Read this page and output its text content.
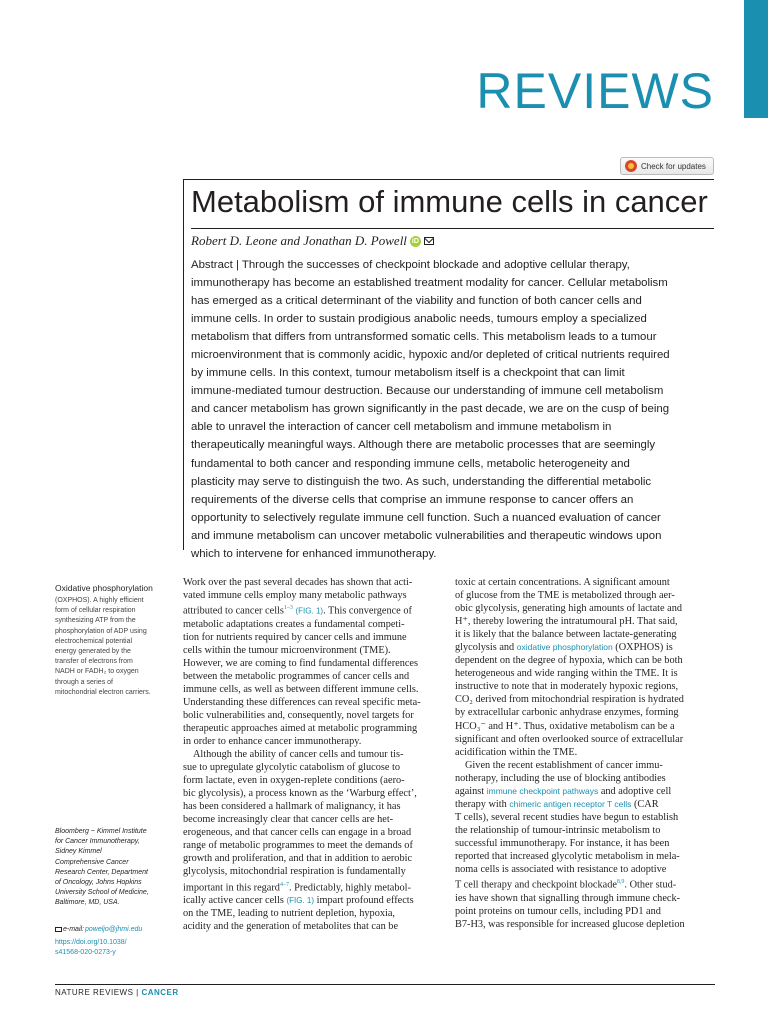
REVIEWS
Check for updates
Metabolism of immune cells in cancer
Robert D. Leone and Jonathan D. Powell iD
Abstract | Through the successes of checkpoint blockade and adoptive cellular therapy,
immunotherapy has become an established treatment modality for cancer. Cellular metabolism
has emerged as a critical determinant of the viability and function of both cancer cells and
immune cells. In order to sustain prodigious anabolic needs, tumours employ a specialized
metabolism that differs from untransformed somatic cells. This metabolism leads to a tumour
microenvironment that is commonly acidic, hypoxic and/or depleted of critical nutrients required
by immune cells. In this context, tumour metabolism itself is a checkpoint that can limit
immune-mediated tumour destruction. Because our understanding of immune cell metabolism
and cancer metabolism has grown significantly in the past decade, we are on the cusp of being
able to unravel the interaction of cancer cell metabolism and immune metabolism in
therapeutically meaningful ways. Although there are metabolic processes that are seemingly
fundamental to both cancer and responding immune cells, metabolic heterogeneity and
plasticity may serve to distinguish the two. As such, understanding the differential metabolic
requirements of the diverse cells that comprise an immune response to cancer offers an
opportunity to selectively regulate immune cell function. Such a nuanced evaluation of cancer
and immune metabolism can uncover metabolic vulnerabilities and therapeutic windows upon
which to intervene for enhanced immunotherapy.
Oxidative phosphorylation
(OXPHOS). A highly efficient
form of cellular respiration
synthesizing ATP from the
phosphorylation of ADP using
electrochemical potential
energy generated by the
transfer of electrons from
NADH or FADH₂ to oxygen
through a series of
mitochondrial electron carriers.
Bloomberg ~ Kimmel Institute
for Cancer Immunotherapy,
Sidney Kimmel
Comprehensive Cancer
Research Center, Department
of Oncology, Johns Hopkins
University School of Medicine,
Baltimore, MD, USA.
e-mail: poweljo@jhmi.edu
https://doi.org/10.1038/
s41568-020-0273-y
Work over the past several decades has shown that acti-
vated immune cells employ many metabolic pathways
attributed to cancer cells$^{1-3}$ (FIG. 1). This convergence of
metabolic adaptations creates a fundamental competi-
tion for nutrients required by cancer cells and immune
cells within the tumour microenvironment (TME).
However, we are coming to find fundamental differences
between the metabolic programmes of cancer cells and
immune cells, as well as between different immune cells.
Understanding these differences can reveal specific meta-
bolic vulnerabilities and, consequently, novel targets for
therapeutic approaches aimed at metabolic programming
in order to enhance cancer immunotherapy.
Although the ability of cancer cells and tumour tis-
sue to upregulate glycolytic catabolism of glucose to
form lactate, even in oxygen-replete conditions (aero-
bic glycolysis), a process known as the ‘Warburg effect’,
has been considered a hallmark of malignancy, it has
become increasingly clear that cancer cells are het-
erogeneous, and that cancer cells can engage in a broad
range of metabolic programmes to meet the demands of
growth and proliferation, and that in addition to aerobic
glycolysis, mitochondrial respiration is fundamentally
important in this regard$^{4-7}$. Predictably, highly metabol-
ically active cancer cells (FIG. 1) impart profound effects
on the TME, leading to nutrient depletion, hypoxia,
acidity and the generation of metabolites that can be
toxic at certain concentrations. A significant amount
of glucose from the TME is metabolized through aer-
obic glycolysis, generating high amounts of lactate and
H⁺, thereby lowering the intratumoural pH. That said,
it is likely that the balance between lactate-generating
glycolysis and oxidative phosphorylation (OXPHOS) is
dependent on the degree of hypoxia, which can be both
heterogeneous and wide ranging within the TME. It is
instructive to note that in moderately hypoxic regions,
CO₂ derived from mitochondrial respiration is hydrated
by extracellular carbonic anhydrase enzymes, forming
HCO₃⁻ and H⁺. Thus, oxidative metabolism can be a
significant and often overlooked source of extracellular
acidification within the TME.
Given the recent establishment of cancer immu-
notherapy, including the use of blocking antibodies
against immune checkpoint pathways and adoptive cell
therapy with chimeric antigen receptor T cells (CAR
T cells), several recent studies have begun to establish
the relationship of tumour-intrinsic metabolism to
successful immunotherapy. For instance, it has been
reported that increased glycolytic metabolism in mela-
noma cells is associated with resistance to adoptive
T cell therapy and checkpoint blockade$^{8,9}$. Other stud-
ies have shown that signalling through immune check-
point proteins on tumour cells, including PD1 and
B7-H3, was responsible for increased glucose depletion
NATURE REVIEWS | CANCER
